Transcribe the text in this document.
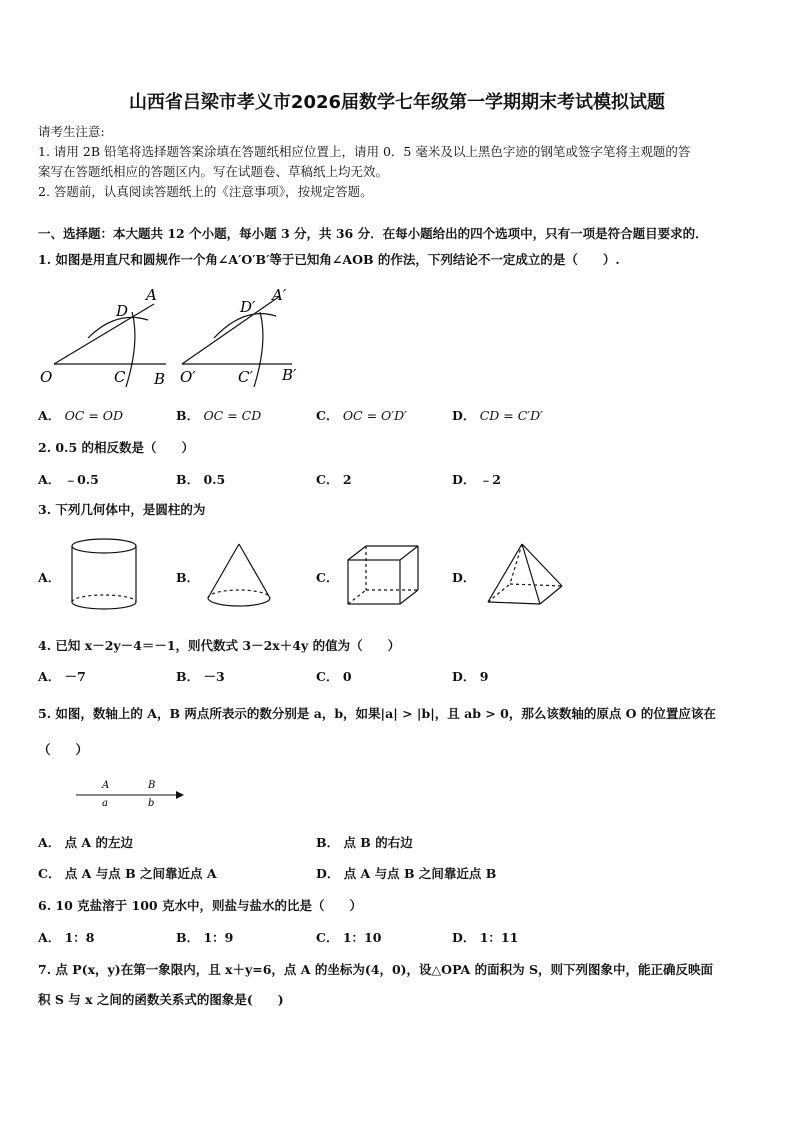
山西省吕梁市孝义市2026届数学七年级第一学期期末考试模拟试题
请考生注意:
1. 请用 2B 铅笔将选择题答案涂填在答题纸相应位置上，请用 0．5 毫米及以上黑色字迹的钢笔或签字笔将主观题的答
案写在答题纸相应的答题区内。写在试题卷、草稿纸上均无效。
2. 答题前，认真阅读答题纸上的《注意事项》，按规定答题。
一、选择题：本大题共 12 个小题，每小题 3 分，共 36 分．在每小题给出的四个选项中，只有一项是符合题目要求的．
1. 如图是用直尺和圆规作一个角∠A′O′B′等于已知角∠AOB 的作法，下列结论不一定成立的是（　　）.
A
D
O	C B
A′
D′
O′	C′ B′
A． OC = OD	B． OC = CD	C． OC = O′D′	D． CD = C′D′
2. 0.5 的相反数是（　　）
A． ﹣0.5	B． 0.5	C． 2	D． ﹣2
3. 下列几何体中，是圆柱的为
A．	B．	C．	D．
4. 已知 x－2y－4＝－1，则代数式 3－2x＋4y 的值为（　　）
A． －7	B． －3	C． 0	D． 9
5. 如图，数轴上的 A，B 两点所表示的数分别是 a，b，如果|a| > |b|，且 ab > 0，那么该数轴的原点 O 的位置应该在
（　　）
A
a
B
b
A． 点 A 的左边	B． 点 B 的右边
C． 点 A 与点 B 之间靠近点 A	D． 点 A 与点 B 之间靠近点 B
6. 10 克盐溶于 100 克水中，则盐与盐水的比是（　　）
A． 1：8	B． 1：9	C． 1：10	D． 1：11
7. 点 P(x，y)在第一象限内，且 x＋y=6，点 A 的坐标为(4，0)，设△OPA 的面积为 S，则下列图象中，能正确反映面
积 S 与 x 之间的函数关系式的图象是(　　)
